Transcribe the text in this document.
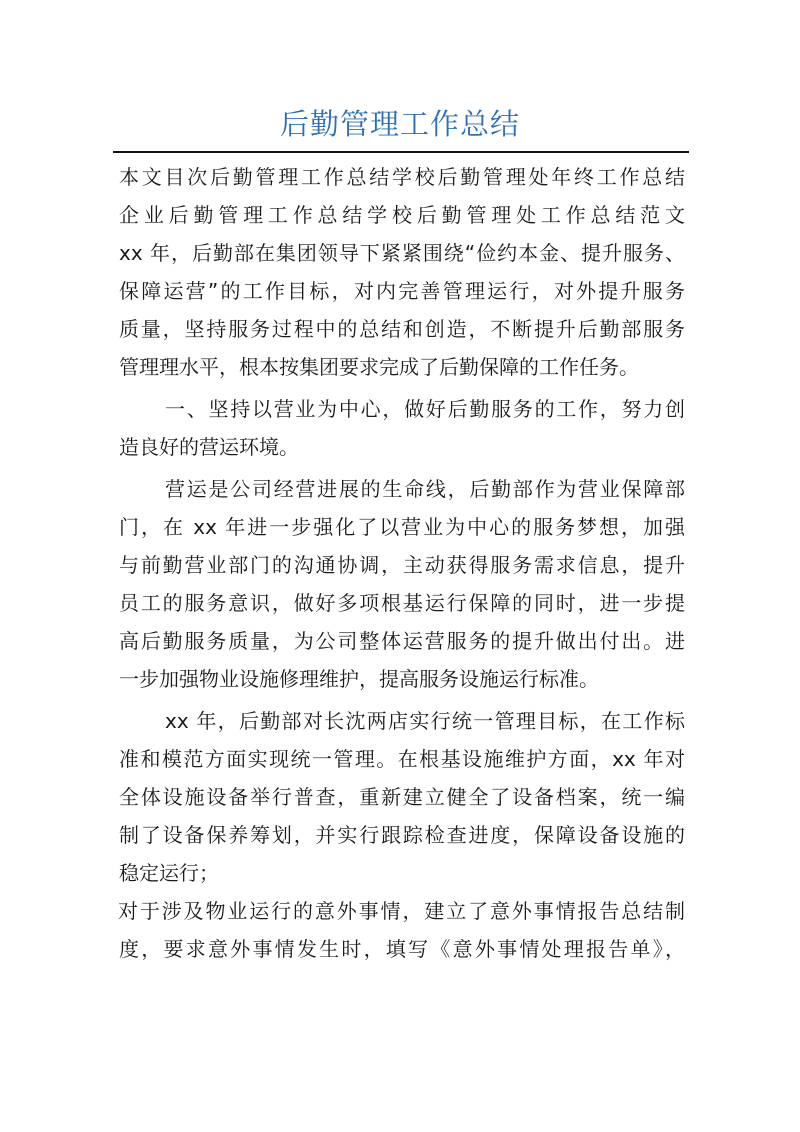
后勤管理工作总结
本文目次后勤管理工作总结学校后勤管理处年终工作总结
企业后勤管理工作总结学校后勤管理处工作总结范文
xx 年，后勤部在集团领导下紧紧围绕“俭约本金、提升服务、
保障运营”的工作目标，对内完善管理运行，对外提升服务
质量，坚持服务过程中的总结和创造，不断提升后勤部服务
管理理水平，根本按集团要求完成了后勤保障的工作任务。
一、坚持以营业为中心，做好后勤服务的工作，努力创
造良好的营运环境。
营运是公司经营进展的生命线，后勤部作为营业保障部
门，在 xx 年进一步强化了以营业为中心的服务梦想，加强
与前勤营业部门的沟通协调，主动获得服务需求信息，提升
员工的服务意识，做好多项根基运行保障的同时，进一步提
高后勤服务质量，为公司整体运营服务的提升做出付出。进
一步加强物业设施修理维护，提高服务设施运行标准。
xx 年，后勤部对长沈两店实行统一管理目标，在工作标
准和模范方面实现统一管理。在根基设施维护方面，xx 年对
全体设施设备举行普查，重新建立健全了设备档案，统一编
制了设备保养筹划，并实行跟踪检查进度，保障设备设施的
稳定运行；
对于涉及物业运行的意外事情，建立了意外事情报告总结制
度，要求意外事情发生时，填写《意外事情处理报告单》，
